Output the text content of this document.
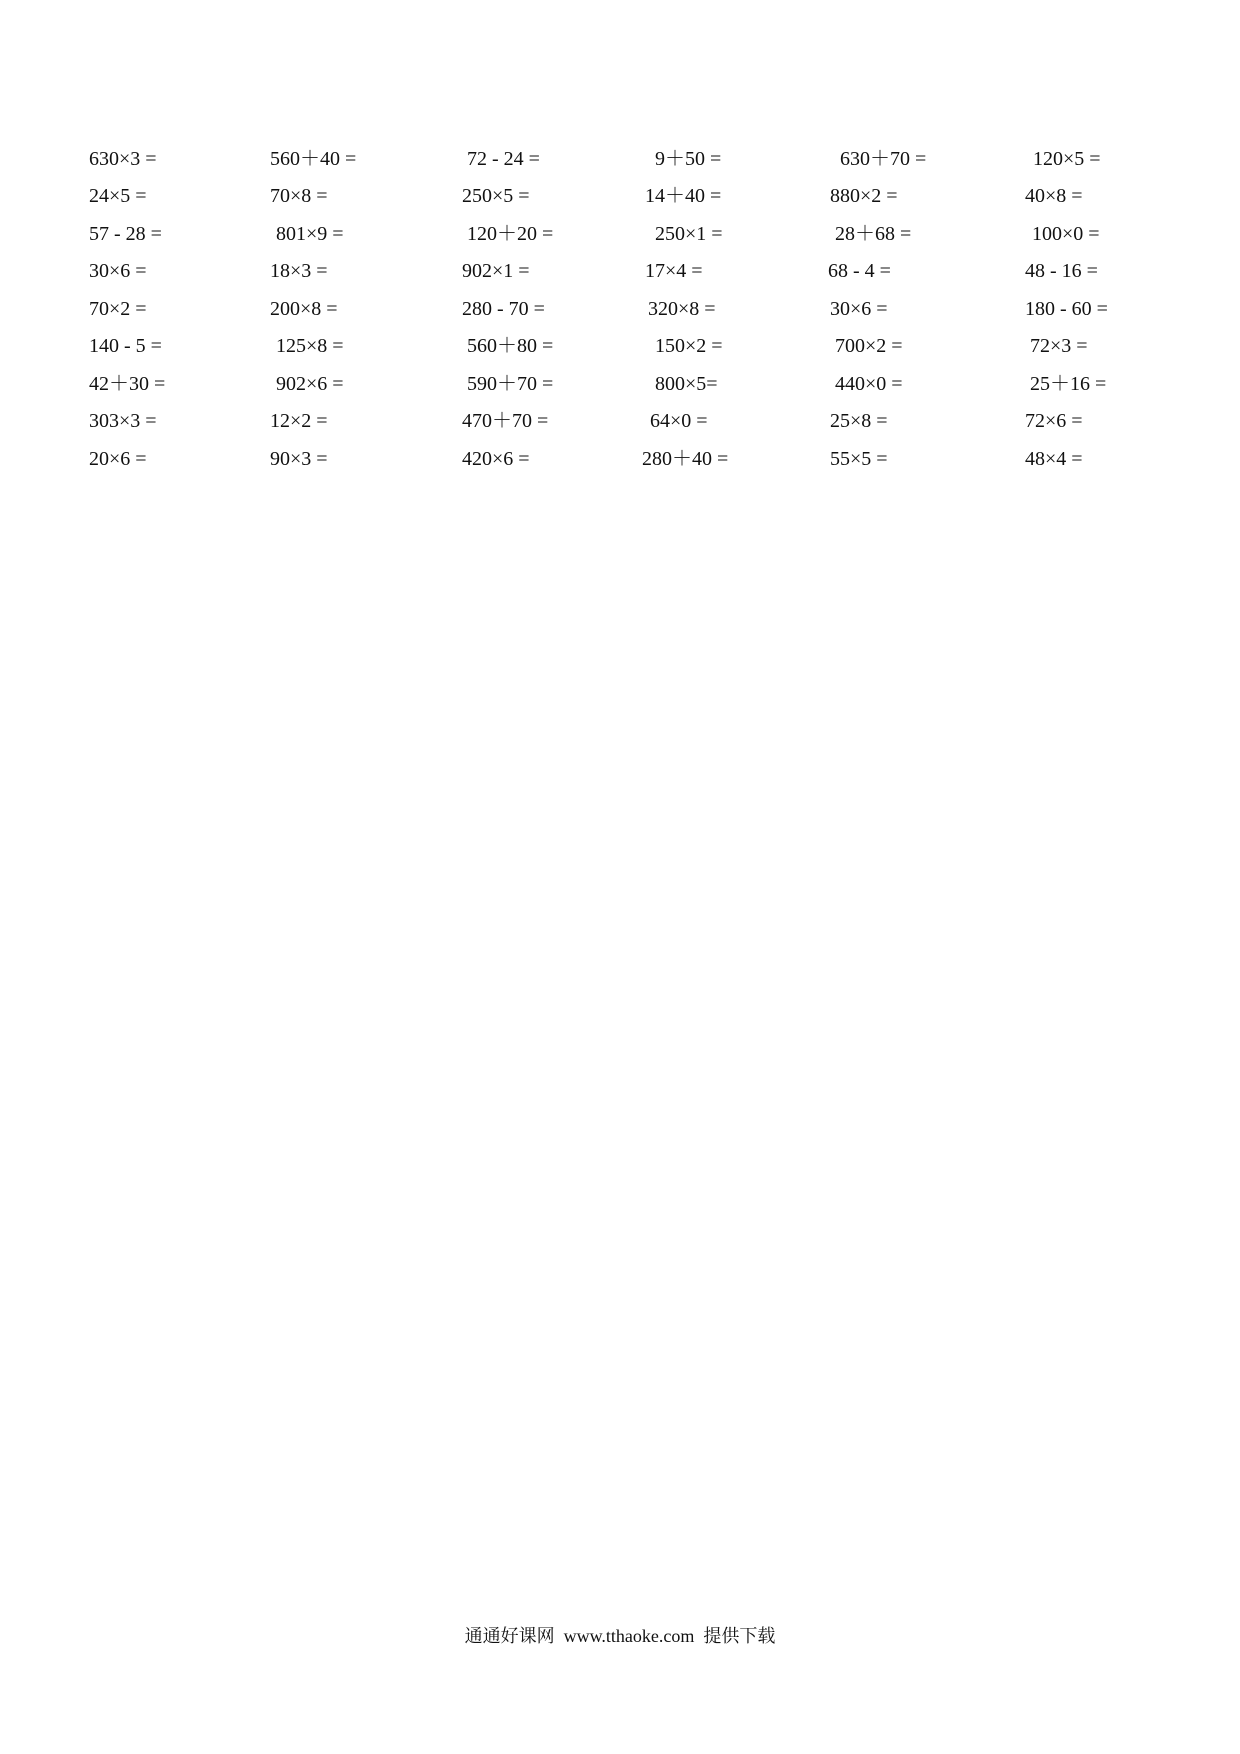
630×3 =	560＋40 =	72 - 24 =	9＋50 =	630＋70 =	120×5 =
24×5 =	70×8 =	250×5 =	14＋40 =	880×2 =	40×8 =
57 - 28 =	801×9 =	120＋20 =	250×1 =	28＋68 =	100×0 =
30×6 =	18×3 =	902×1 =	17×4 =	68 - 4 =	48 - 16 =
70×2 =	200×8 =	280 - 70 =	320×8 =	30×6 =	180 - 60 =
140 - 5 =	125×8 =	560＋80 =	150×2 =	700×2 =	72×3 =
42＋30 =	902×6 =	590＋70 =	800×5=	440×0 =	25＋16 =
303×3 =	12×2 =	470＋70 =	64×0 =	25×8 =	72×6 =
20×6 =	90×3 =	420×6 =	280＋40 =	55×5 =	48×4 =
通通好课网  www.tthaoke.com  提供下载
